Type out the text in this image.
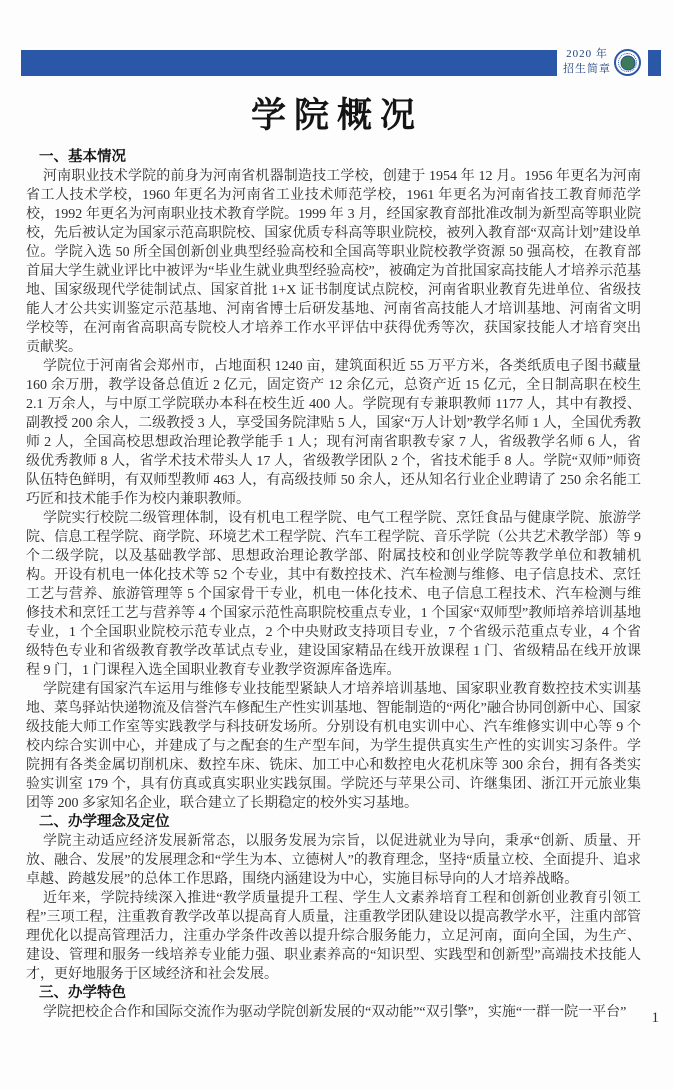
2020 年
招生简章
学院概况
一、基本情况

河南职业技术学院的前身为河南省机器制造技工学校，创建于 1954 年 12 月。1956 年更名为河南省工人技术学校，1960 年更名为河南省工业技术师范学校，1961 年更名为河南省技工教育师范学校，1992 年更名为河南职业技术教育学院。1999 年 3 月，经国家教育部批准改制为新型高等职业院校，先后被认定为国家示范高职院校、国家优质专科高等职业院校，被列入教育部“双高计划”建设单位。学院入选 50 所全国创新创业典型经验高校和全国高等职业院校教学资源 50 强高校，在教育部首届大学生就业评比中被评为“毕业生就业典型经验高校”，被确定为首批国家高技能人才培养示范基地、国家级现代学徒制试点、国家首批 1+X 证书制度试点院校，河南省职业教育先进单位、省级技能人才公共实训鉴定示范基地、河南省博士后研发基地、河南省高技能人才培训基地、河南省文明学校等，在河南省高职高专院校人才培养工作水平评估中获得优秀等次，获国家技能人才培育突出贡献奖。

学院位于河南省会郑州市，占地面积 1240 亩，建筑面积近 55 万平方米，各类纸质电子图书藏量 160 余万册，教学设备总值近 2 亿元，固定资产 12 余亿元，总资产近 15 亿元，全日制高职在校生 2.1 万余人，与中原工学院联办本科在校生近 400 人。学院现有专兼职教师 1177 人，其中有教授、副教授 200 余人，二级教授 3 人，享受国务院津贴 5 人，国家“万人计划”教学名师 1 人，全国优秀教师 2 人，全国高校思想政治理论教学能手 1 人；现有河南省职教专家 7 人，省级教学名师 6 人，省级优秀教师 8 人，省学术技术带头人 17 人，省级教学团队 2 个，省技术能手 8 人。学院“双师”师资队伍特色鲜明，有双师型教师 463 人，有高级技师 50 余人，还从知名行业企业聘请了 250 余名能工巧匠和技术能手作为校内兼职教师。

学院实行校院二级管理体制，设有机电工程学院、电气工程学院、烹饪食品与健康学院、旅游学院、信息工程学院、商学院、环境艺术工程学院、汽车工程学院、音乐学院（公共艺术教学部）等 9 个二级学院，以及基础教学部、思想政治理论教学部、附属技校和创业学院等教学单位和教辅机构。开设有机电一体化技术等 52 个专业，其中有数控技术、汽车检测与维修、电子信息技术、烹饪工艺与营养、旅游管理等 5 个国家骨干专业，机电一体化技术、电子信息工程技术、汽车检测与维修技术和烹饪工艺与营养等 4 个国家示范性高职院校重点专业，1 个国家“双师型”教师培养培训基地专业，1 个全国职业院校示范专业点，2 个中央财政支持项目专业，7 个省级示范重点专业，4 个省级特色专业和省级教育教学改革试点专业，建设国家精品在线开放课程 1 门、省级精品在线开放课程 9 门，1 门课程入选全国职业教育专业教学资源库备选库。

学院建有国家汽车运用与维修专业技能型紧缺人才培养培训基地、国家职业教育数控技术实训基地、菜鸟驿站快递物流及信誉汽车修配生产性实训基地、智能制造的“两化”融合协同创新中心、国家级技能大师工作室等实践教学与科技研发场所。分别设有机电实训中心、汽车维修实训中心等 9 个校内综合实训中心，并建成了与之配套的生产型车间，为学生提供真实生产性的实训实习条件。学院拥有各类金属切削机床、数控车床、铣床、加工中心和数控电火花机床等 300 余台，拥有各类实验实训室 179 个，具有仿真或真实职业实践氛围。学院还与苹果公司、许继集团、浙江开元旅业集团等 200 多家知名企业，联合建立了长期稳定的校外实习基地。

二、办学理念及定位

学院主动适应经济发展新常态，以服务发展为宗旨，以促进就业为导向，秉承“创新、质量、开放、融合、发展”的发展理念和“学生为本、立德树人”的教育理念，坚持“质量立校、全面提升、追求卓越、跨越发展”的总体工作思路，围绕内涵建设为中心，实施目标导向的人才培养战略。

近年来，学院持续深入推进“教学质量提升工程、学生人文素养培育工程和创新创业教育引领工程”三项工程，注重教育教学改革以提高育人质量，注重教学团队建设以提高教学水平，注重内部管理优化以提高管理活力，注重办学条件改善以提升综合服务能力，立足河南，面向全国，为生产、建设、管理和服务一线培养专业能力强、职业素养高的“知识型、实践型和创新型”高端技术技能人才，更好地服务于区域经济和社会发展。

三、办学特色

学院把校企合作和国际交流作为驱动学院创新发展的“双动能”“双引擎”，实施“一群一院一平台”	1
